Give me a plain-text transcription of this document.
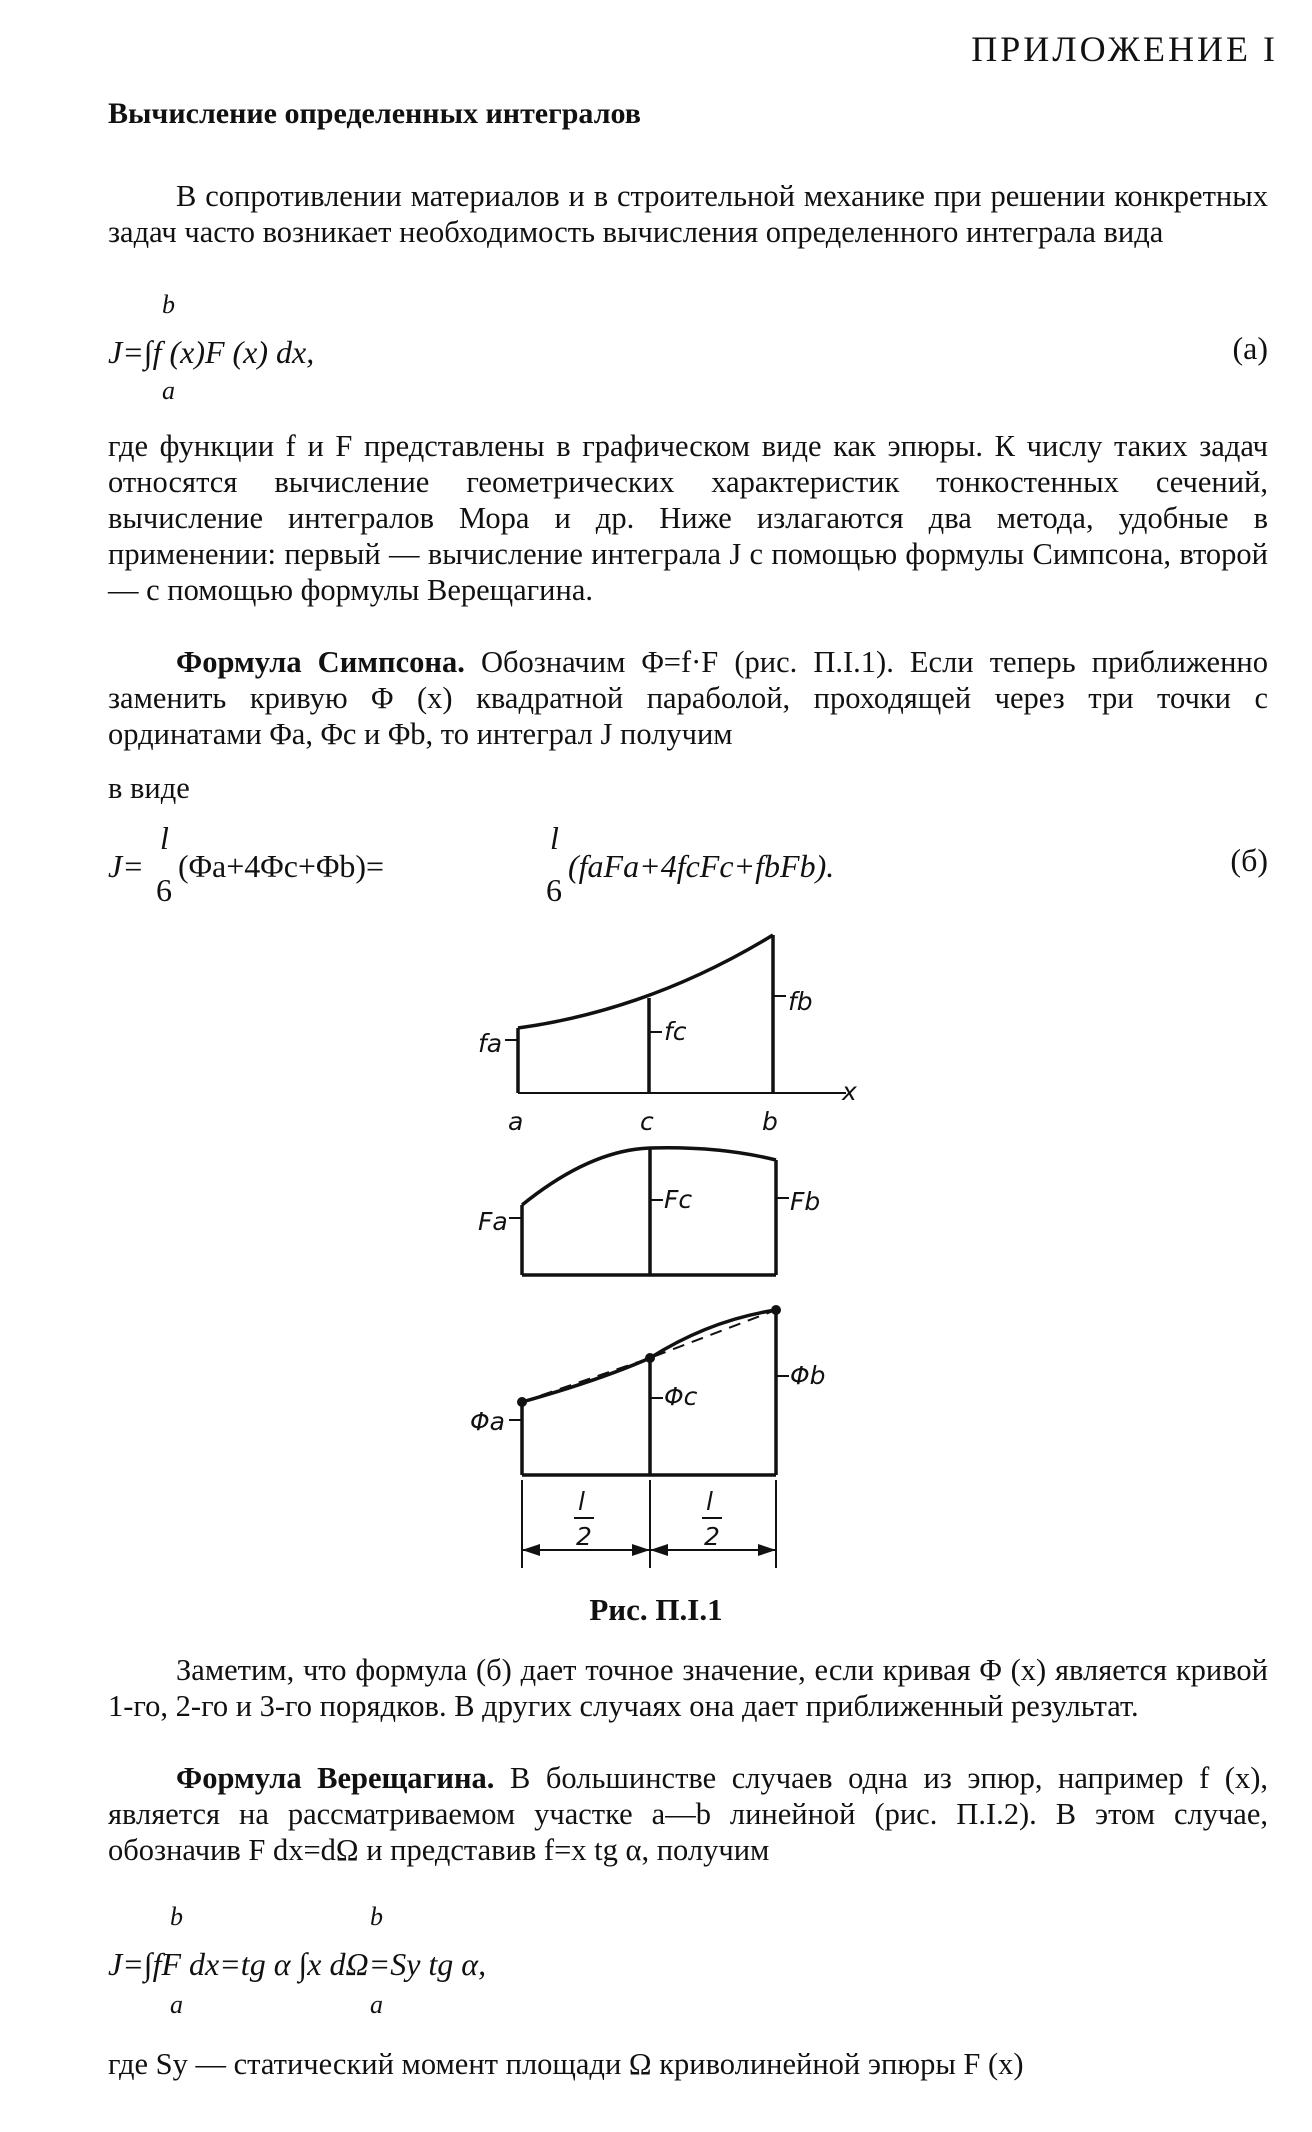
ПРИЛОЖЕНИЕ I
Вычисление определенных интегралов

В сопротивлении материалов и в строительной механике при решении конкретных задач часто возникает необходимость вычисления определенного интеграла вида

b
J=∫f (x)F (x) dx,
a
(а)

где функции f и F представлены в графическом виде как эпюры. К числу таких задач относятся вычисление геометрических характеристик тонкостенных сечений, вычисление интегралов Мора и др. Ниже излагаются два метода, удобные в применении: первый — вычисление интеграла J с помощью формулы Симпсона, второй — с помощью формулы Верещагина.

Формула Симпсона. Обозначим Φ=f·F (рис. П.I.1). Если теперь приближенно заменить кривую Φ (x) квадратной параболой, проходящей через три точки с ординатами Φa, Φc и Φb, то интеграл J получим

в виде

J=
l
6
(Φa+4Φc+Φb)=
l
6
(faFa+4fcFc+fbFb).	(б)
fa	fc
fb
a	c	b
x
Fa
Fc	Fb
Φa
Φc
Φb
l
2
l
2
Рис. П.I.1

Заметим, что формула (б) дает точное значение, если кривая Φ (x) является кривой 1-го, 2-го и 3-го порядков. В других случаях она дает приближенный результат.

Формула Верещагина. В большинстве случаев одна из эпюр, например f (x), является на рассматриваемом участке a—b линейной (рис. П.I.2). В этом случае, обозначив F dx=dΩ и представив f=x tg α, получим

b	b
J=∫fF dx=tg α ∫x dΩ=Sy tg α,
a	a

где Sy — статический момент площади Ω криволинейной эпюры F (x)
